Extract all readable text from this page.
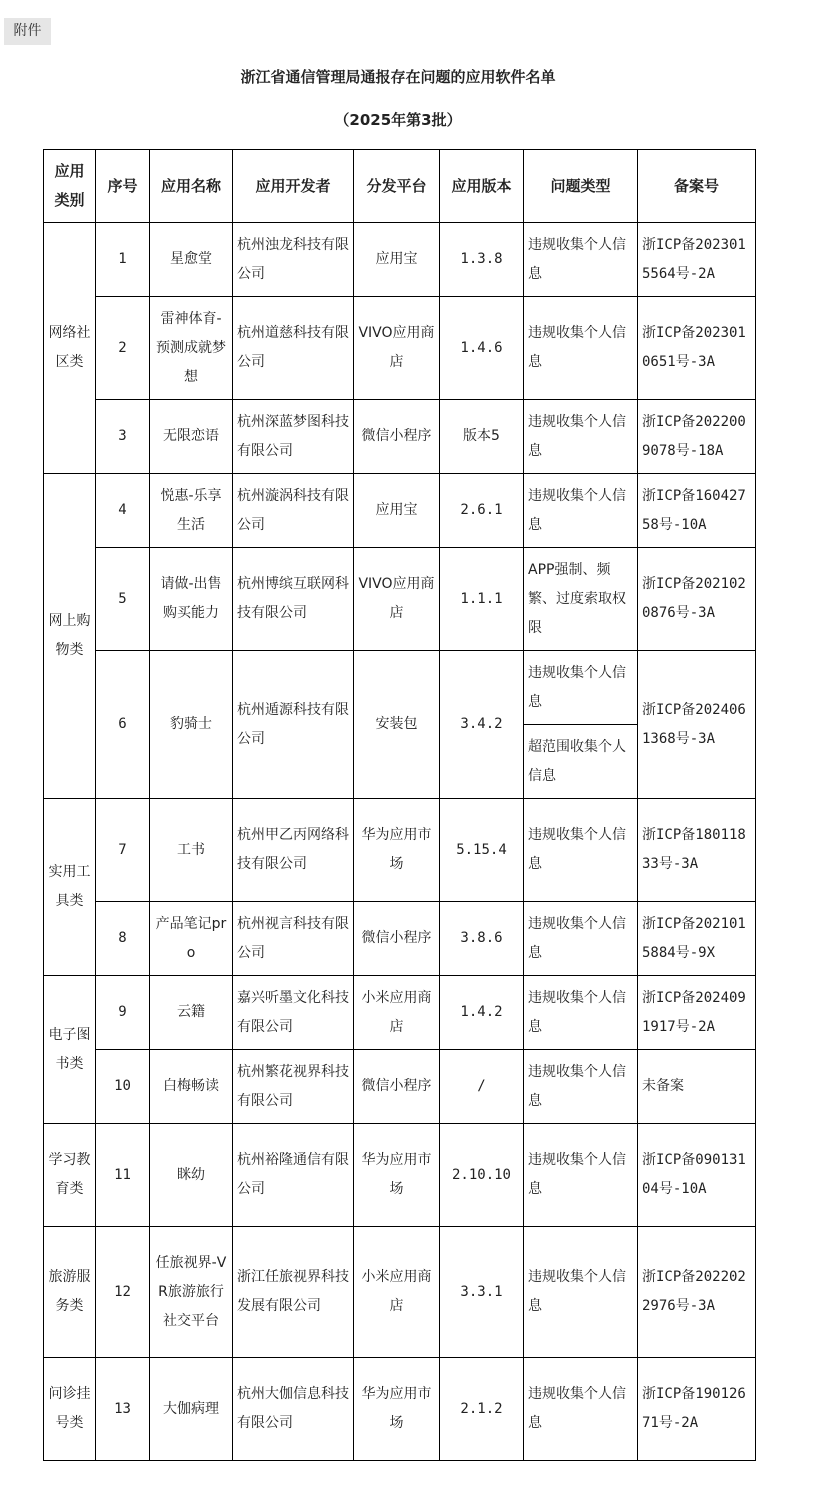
附件
浙江省通信管理局通报存在问题的应用软件名单
（2025年第3批）
应用类别	序号	应用名称	应用开发者	分发平台	应用版本	问题类型	备案号
网络社区类	1	星愈堂	杭州浊龙科技有限公司	应用宝	1.3.8	违规收集个人信息	浙ICP备2023015564号-2A
	2	雷神体育-预测成就梦想	杭州道慈科技有限公司	VIVO应用商店	1.4.6	违规收集个人信息	浙ICP备2023010651号-3A
	3	无限恋语	杭州深蓝梦图科技有限公司	微信小程序	版本5	违规收集个人信息	浙ICP备2022009078号-18A
网上购物类	4	悦惠-乐享生活	杭州漩涡科技有限公司	应用宝	2.6.1	违规收集个人信息	浙ICP备16042758号-10A
	5	请做-出售购买能力	杭州博缤互联网科技有限公司	VIVO应用商店	1.1.1	APP强制、频繁、过度索取权限	浙ICP备2021020876号-3A
	6	豹骑士	杭州遁源科技有限公司	安装包	3.4.2	违规收集个人信息	浙ICP备2024061368号-3A
						超范围收集个人信息	
实用工具类	7	工书	杭州甲乙丙网络科技有限公司	华为应用市场	5.15.4	违规收集个人信息	浙ICP备18011833号-3A
	8	产品笔记pro	杭州视言科技有限公司	微信小程序	3.8.6	违规收集个人信息	浙ICP备2021015884号-9X
电子图书类	9	云籍	嘉兴听墨文化科技有限公司	小米应用商店	1.4.2	违规收集个人信息	浙ICP备2024091917号-2A
	10	白梅畅读	杭州繁花视界科技有限公司	微信小程序	/	违规收集个人信息	未备案
学习教育类	11	眯幼	杭州裕隆通信有限公司	华为应用市场	2.10.10	违规收集个人信息	浙ICP备09013104号-10A
旅游服务类	12	任旅视界-VR旅游旅行社交平台	浙江任旅视界科技发展有限公司	小米应用商店	3.3.1	违规收集个人信息	浙ICP备2022022976号-3A
问诊挂号类	13	大伽病理	杭州大伽信息科技有限公司	华为应用市场	2.1.2	违规收集个人信息	浙ICP备19012671号-2A
